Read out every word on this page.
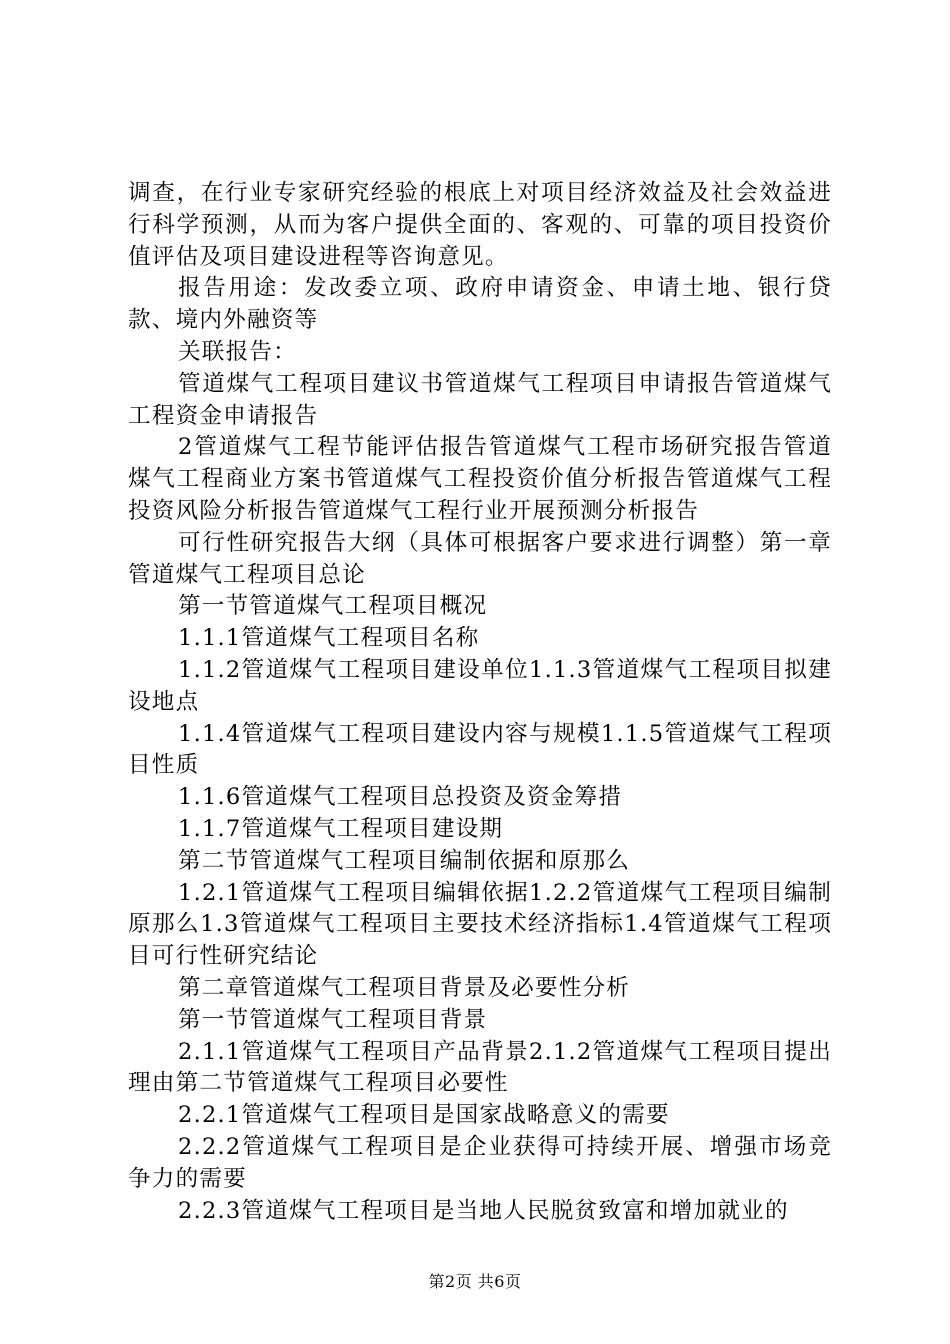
调查，在行业专家研究经验的根底上对项目经济效益及社会效益进行科学预测，从而为客户提供全面的、客观的、可靠的项目投资价值评估及项目建设进程等咨询意见。

报告用途：发改委立项、政府申请资金、申请土地、银行贷款、境内外融资等

关联报告：

管道煤气工程项目建议书管道煤气工程项目申请报告管道煤气工程资金申请报告

2管道煤气工程节能评估报告管道煤气工程市场研究报告管道煤气工程商业方案书管道煤气工程投资价值分析报告管道煤气工程投资风险分析报告管道煤气工程行业开展预测分析报告

可行性研究报告大纲（具体可根据客户要求进行调整）第一章管道煤气工程项目总论

第一节管道煤气工程项目概况

1.1.1管道煤气工程项目名称

1.1.2管道煤气工程项目建设单位1.1.3管道煤气工程项目拟建设地点

1.1.4管道煤气工程项目建设内容与规模1.1.5管道煤气工程项目性质

1.1.6管道煤气工程项目总投资及资金筹措

1.1.7管道煤气工程项目建设期

第二节管道煤气工程项目编制依据和原那么

1.2.1管道煤气工程项目编辑依据1.2.2管道煤气工程项目编制原那么1.3管道煤气工程项目主要技术经济指标1.4管道煤气工程项目可行性研究结论

第二章管道煤气工程项目背景及必要性分析

第一节管道煤气工程项目背景

2.1.1管道煤气工程项目产品背景2.1.2管道煤气工程项目提出理由第二节管道煤气工程项目必要性

2.2.1管道煤气工程项目是国家战略意义的需要

2.2.2管道煤气工程项目是企业获得可持续开展、增强市场竞争力的需要

2.2.3管道煤气工程项目是当地人民脱贫致富和增加就业的

第2页 共6页
